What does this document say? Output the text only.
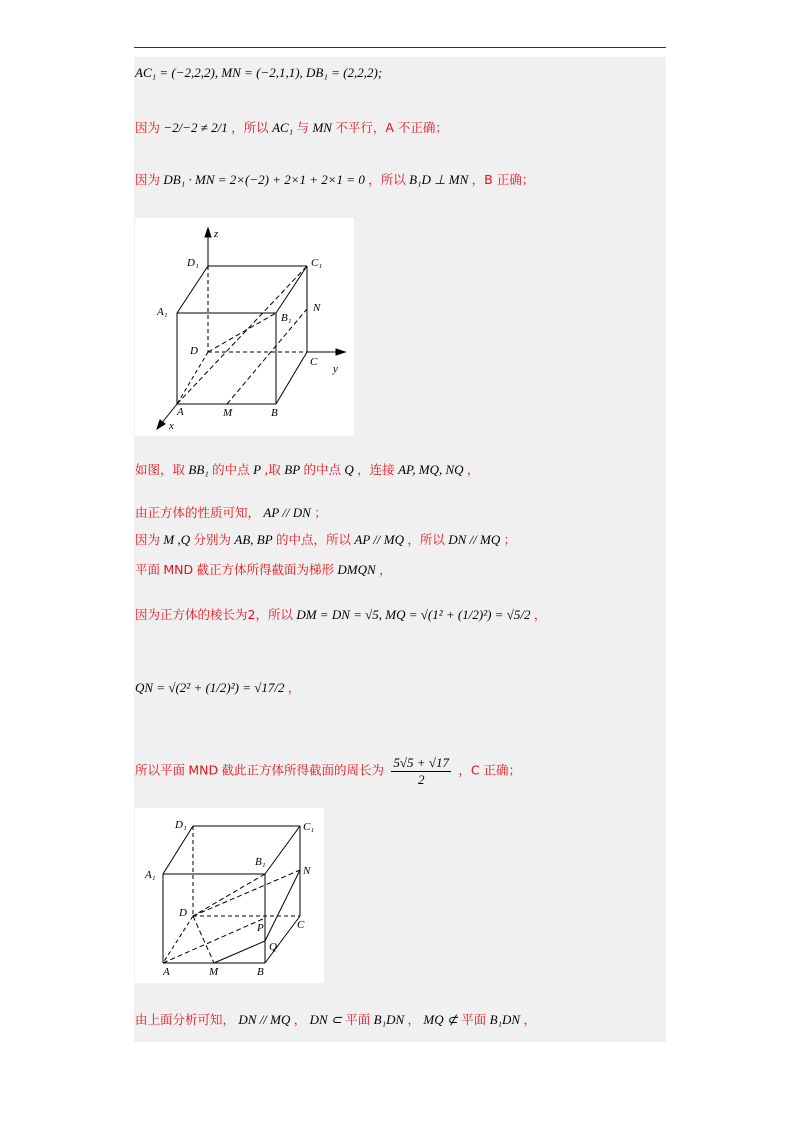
AC₁ = (−2,2,2), MN = (−2,1,1), DB₁ = (2,2,2);
因为 −2/−2 ≠ 2/1 ，所以 AC₁ 与 MN 不平行，A 不正确；
因为 DB₁ · MN = 2×(−2) + 2×1 + 2×1 = 0 ，所以 B₁D ⊥ MN ，B 正确；
z
D₁	C₁
A₁	B₁
N
D
C
y
A	M	B
x
如图，取 BB₁ 的中点 P ,取 BP 的中点 Q ，连接 AP, MQ, NQ ，
由正方体的性质可知， AP // DN ；
因为 M ,Q 分别为 AB, BP 的中点，所以 AP // MQ ，所以 DN // MQ ；
平面 MND 截正方体所得截面为梯形 DMQN ，
因为正方体的棱长为2，所以 DM = DN = √5, MQ = √(1² + (1/2)²) = √5/2 ，
QN = √(2² + (1/2)²) = √17/2 ，
所以平面 MND 截此正方体所得截面的周长为 $\frac{5√5 + √17}{2}$ ，C 正确；
D₁	C₁
B₁
N
A₁
D
C
P
Q
A	M	B
由上面分析可知， DN // MQ ， DN ⊂ 平面 B₁DN ， MQ ⊄ 平面 B₁DN ，
